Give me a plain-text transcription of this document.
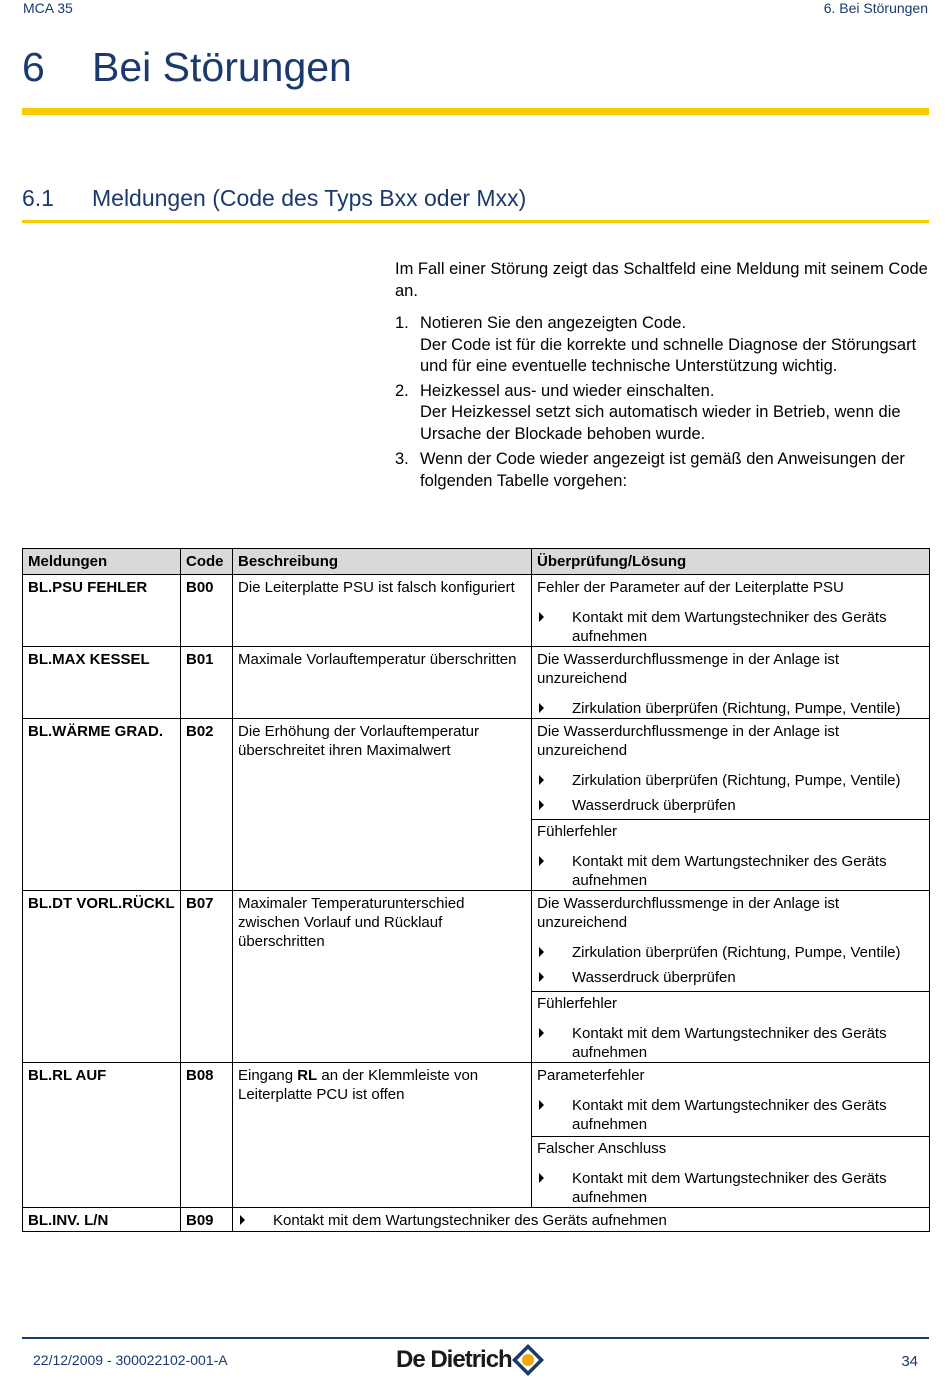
MCA 35	6. Bei Störungen
6 Bei Störungen
6.1 Meldungen (Code des Typs Bxx oder Mxx)

Im Fall einer Störung zeigt das Schaltfeld eine Meldung mit seinem Code an.

1. Notieren Sie den angezeigten Code.
Der Code ist für die korrekte und schnelle Diagnose der Störungsart und für eine eventuelle technische Unterstützung wichtig.
2. Heizkessel aus- und wieder einschalten.
Der Heizkessel setzt sich automatisch wieder in Betrieb, wenn die Ursache der Blockade behoben wurde.
3. Wenn der Code wieder angezeigt ist gemäß den Anweisungen der folgenden Tabelle vorgehen:
Meldungen	Code	Beschreibung	Überprüfung/Lösung
BL.PSU FEHLER	B00	Die Leiterplatte PSU ist falsch konfiguriert	Fehler der Parameter auf der Leiterplatte PSU
Kontakt mit dem Wartungstechniker des Geräts aufnehmen

BL.MAX KESSEL	B01	Maximale Vorlauftemperatur überschritten	Die Wasserdurchflussmenge in der Anlage ist unzureichend
Zirkulation überprüfen (Richtung, Pumpe, Ventile)

BL.WÄRME GRAD.	B02	Die Erhöhung der Vorlauftemperatur überschreitet ihren Maximalwert	Die Wasserdurchflussmenge in der Anlage ist unzureichend
Zirkulation überprüfen (Richtung, Pumpe, Ventile)
Wasserdruck überprüfen
Fühlerfehler
Kontakt mit dem Wartungstechniker des Geräts aufnehmen

BL.DT VORL.RÜCKL	B07	Maximaler Temperaturunterschied zwischen Vorlauf und Rücklauf überschritten	Die Wasserdurchflussmenge in der Anlage ist unzureichend
Zirkulation überprüfen (Richtung, Pumpe, Ventile)
Wasserdruck überprüfen
Fühlerfehler
Kontakt mit dem Wartungstechniker des Geräts aufnehmen

BL.RL AUF	B08	Eingang RL an der Klemmleiste von Leiterplatte PCU ist offen	Parameterfehler
Kontakt mit dem Wartungstechniker des Geräts aufnehmen
Falscher Anschluss
Kontakt mit dem Wartungstechniker des Geräts aufnehmen

BL.INV. L/N	B09	Kontakt mit dem Wartungstechniker des Geräts aufnehmen	
22/12/2009 - 300022102-001-A	De Dietrich	34
